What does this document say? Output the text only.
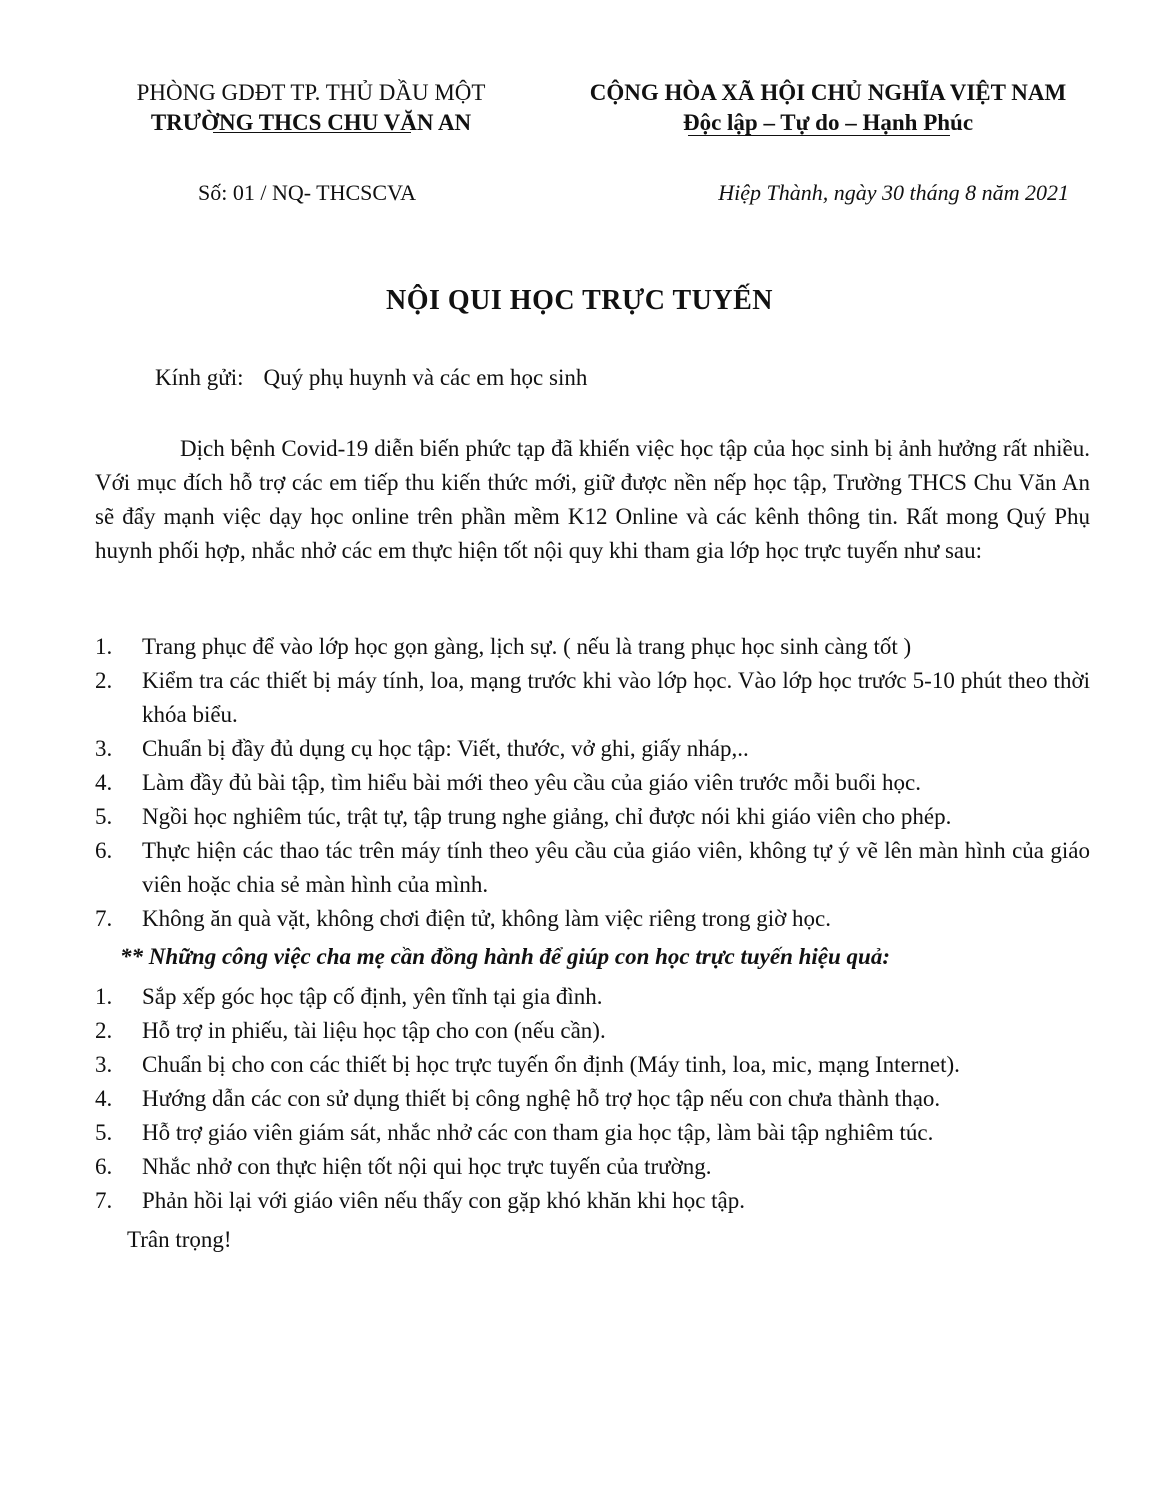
PHÒNG GDĐT TP. THỦ DẦU MỘT
TRƯỜNG THCS CHU VĂN AN
CỘNG HÒA XÃ HỘI CHỦ NGHĨA VIỆT NAM
Độc lập – Tự do – Hạnh Phúc
Số: 01 / NQ- THCSCVA	Hiệp Thành, ngày 30 tháng 8 năm 2021
NỘI QUI HỌC TRỰC TUYẾN
Kính gửi: Quý phụ huynh và các em học sinh
Dịch bệnh Covid-19 diễn biến phức tạp đã khiến việc học tập của học sinh bị ảnh hưởng rất nhiều. Với mục đích hỗ trợ các em tiếp thu kiến thức mới, giữ được nền nếp học tập, Trường THCS Chu Văn An sẽ đẩy mạnh việc dạy học online trên phần mềm K12 Online và các kênh thông tin. Rất mong Quý Phụ huynh phối hợp, nhắc nhở các em thực hiện tốt nội quy khi tham gia lớp học trực tuyến như sau:
1. Trang phục để vào lớp học gọn gàng, lịch sự. ( nếu là trang phục học sinh càng tốt )
2. Kiểm tra các thiết bị máy tính, loa, mạng trước khi vào lớp học. Vào lớp học trước 5-10 phút theo thời khóa biểu.
3. Chuẩn bị đầy đủ dụng cụ học tập: Viết, thước, vở ghi, giấy nháp,..
4. Làm đầy đủ bài tập, tìm hiểu bài mới theo yêu cầu của giáo viên trước mỗi buổi học.
5. Ngồi học nghiêm túc, trật tự, tập trung nghe giảng, chỉ được nói khi giáo viên cho phép.
6. Thực hiện các thao tác trên máy tính theo yêu cầu của giáo viên, không tự ý vẽ lên màn hình của giáo viên hoặc chia sẻ màn hình của mình.
7. Không ăn quà vặt, không chơi điện tử, không làm việc riêng trong giờ học.
** Những công việc cha mẹ cần đồng hành để giúp con học trực tuyến hiệu quả:
1. Sắp xếp góc học tập cố định, yên tĩnh tại gia đình.
2. Hỗ trợ in phiếu, tài liệu học tập cho con (nếu cần).
3. Chuẩn bị cho con các thiết bị học trực tuyến ổn định (Máy tinh, loa, mic, mạng Internet).
4. Hướng dẫn các con sử dụng thiết bị công nghệ hỗ trợ học tập nếu con chưa thành thạo.
5. Hỗ trợ giáo viên giám sát, nhắc nhở các con tham gia học tập, làm bài tập nghiêm túc.
6. Nhắc nhở con thực hiện tốt nội qui học trực tuyến của trường.
7. Phản hồi lại với giáo viên nếu thấy con gặp khó khăn khi học tập.
Trân trọng!
